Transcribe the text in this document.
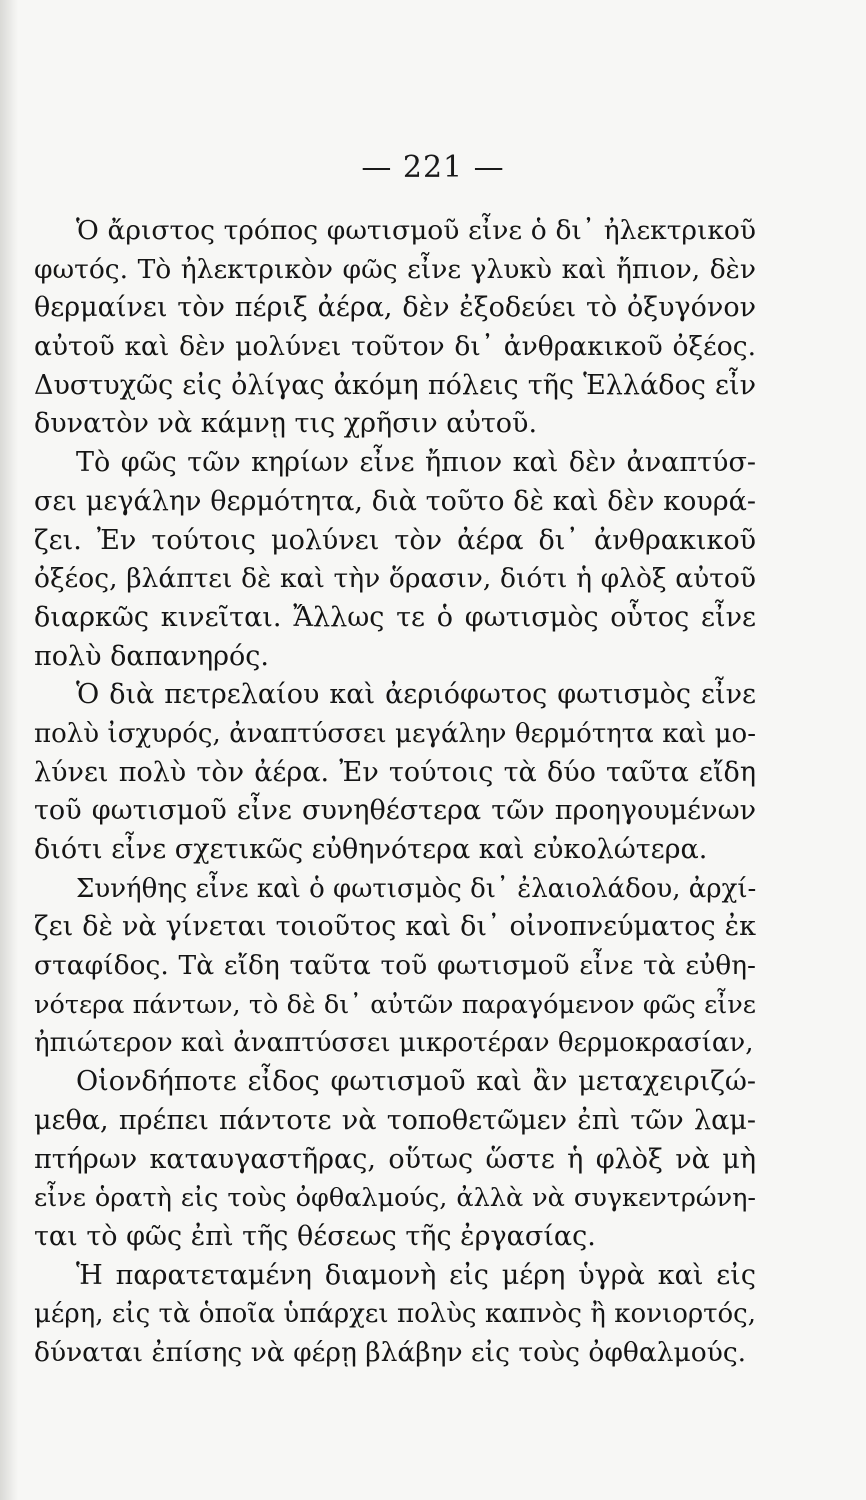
— 221 —
Ὁ ἄριστος τρόπος φωτισμοῦ εἶνε ὁ δι᾽ ἠλεκτρικοῦ
φωτός. Τὸ ἠλεκτρικὸν φῶς εἶνε γλυκὺ καὶ ἤπιον, δὲν
θερμαίνει τὸν πέριξ ἀέρα, δὲν ἐξοδεύει τὸ ὀξυγόνον
αὐτοῦ καὶ δὲν μολύνει τοῦτον δι᾽ ἀνθρακικοῦ ὀξέος.
Δυστυχῶς εἰς ὀλίγας ἀκόμη πόλεις τῆς Ἑλλάδος εἶν
δυνατὸν νὰ κάμνῃ τις χρῆσιν αὐτοῦ.
Τὸ φῶς τῶν κηρίων εἶνε ἤπιον καὶ δὲν ἀναπτύσ-
σει μεγάλην θερμότητα, διὰ τοῦτο δὲ καὶ δὲν κουρά-
ζει. Ἐν τούτοις μολύνει τὸν ἀέρα δι᾽ ἀνθρακικοῦ
ὀξέος, βλάπτει δὲ καὶ τὴν ὅρασιν, διότι ἡ φλὸξ αὐτοῦ
διαρκῶς κινεῖται. Ἄλλως τε ὁ φωτισμὸς οὗτος εἶνε
πολὺ δαπανηρός.
Ὁ διὰ πετρελαίου καὶ ἀεριόφωτος φωτισμὸς εἶνε
πολὺ ἰσχυρός, ἀναπτύσσει μεγάλην θερμότητα καὶ μο-
λύνει πολὺ τὸν ἀέρα. Ἐν τούτοις τὰ δύο ταῦτα εἴδη
τοῦ φωτισμοῦ εἶνε συνηθέστερα τῶν προηγουμένων
διότι εἶνε σχετικῶς εὐθηνότερα καὶ εὐκολώτερα.
Συνήθης εἶνε καὶ ὁ φωτισμὸς δι᾽ ἐλαιολάδου, ἀρχί-
ζει δὲ νὰ γίνεται τοιοῦτος καὶ δι᾽ οἰνοπνεύματος ἐκ
σταφίδος. Τὰ εἴδη ταῦτα τοῦ φωτισμοῦ εἶνε τὰ εὐθη-
νότερα πάντων, τὸ δὲ δι᾽ αὐτῶν παραγόμενον φῶς εἶνε
ἠπιώτερον καὶ ἀναπτύσσει μικροτέραν θερμοκρασίαν,
Οἱονδήποτε εἶδος φωτισμοῦ καὶ ἂν μεταχειριζώ-
μεθα, πρέπει πάντοτε νὰ τοποθετῶμεν ἐπὶ τῶν λαμ-
πτήρων καταυγαστῆρας, οὕτως ὥστε ἡ φλὸξ νὰ μὴ
εἶνε ὁρατὴ εἰς τοὺς ὀφθαλμούς, ἀλλὰ νὰ συγκεντρώνη-
ται τὸ φῶς ἐπὶ τῆς θέσεως τῆς ἐργασίας.
Ἡ παρατεταμένη διαμονὴ εἰς μέρη ὑγρὰ καὶ εἰς
μέρη, εἰς τὰ ὁποῖα ὑπάρχει πολὺς καπνὸς ἢ κονιορτός,
δύναται ἐπίσης νὰ φέρῃ βλάβην εἰς τοὺς ὀφθαλμούς.
